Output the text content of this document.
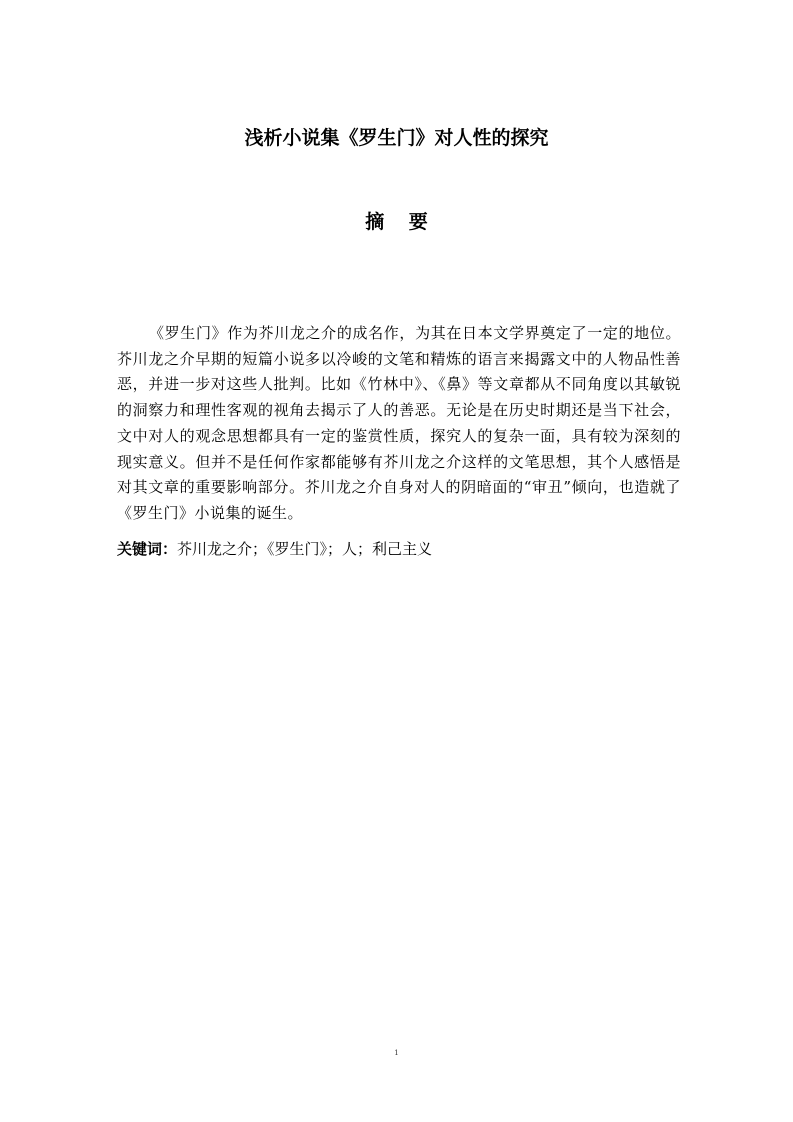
浅析小说集《罗生门》对人性的探究
摘 要

《罗生门》作为芥川龙之介的成名作，为其在日本文学界奠定了一定的地位。芥川龙之介早期的短篇小说多以冷峻的文笔和精炼的语言来揭露文中的人物品性善恶，并进一步对这些人批判。比如《竹林中》、《鼻》等文章都从不同角度以其敏锐的洞察力和理性客观的视角去揭示了人的善恶。无论是在历史时期还是当下社会，文中对人的观念思想都具有一定的鉴赏性质，探究人的复杂一面，具有较为深刻的现实意义。但并不是任何作家都能够有芥川龙之介这样的文笔思想，其个人感悟是对其文章的重要影响部分。芥川龙之介自身对人的阴暗面的“审丑”倾向，也造就了《罗生门》小说集的诞生。

关键词：芥川龙之介；《罗生门》；人；利己主义

1
